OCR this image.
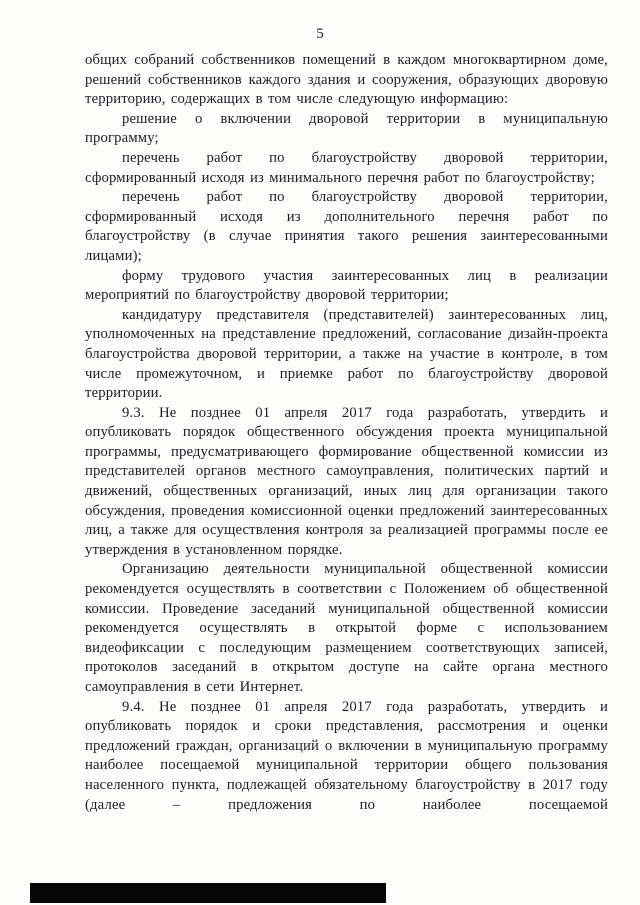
5

общих собраний собственников помещений в каждом многоквартирном доме, решений собственников каждого здания и сооружения, образующих дворовую территорию, содержащих в том числе следующую информацию:

решение о включении дворовой территории в муниципальную программу;

перечень работ по благоустройству дворовой территории, сформированный исходя из минимального перечня работ по благоустройству;

перечень работ по благоустройству дворовой территории, сформированный исходя из дополнительного перечня работ по благоустройству (в случае принятия такого решения заинтересованными лицами);

форму трудового участия заинтересованных лиц в реализации мероприятий по благоустройству дворовой территории;

кандидатуру представителя (представителей) заинтересованных лиц, уполномоченных на представление предложений, согласование дизайн-проекта благоустройства дворовой территории, а также на участие в контроле, в том числе промежуточном, и приемке работ по благоустройству дворовой территории.

9.3. Не позднее 01 апреля 2017 года разработать, утвердить и опубликовать порядок общественного обсуждения проекта муниципальной программы, предусматривающего формирование общественной комиссии из представителей органов местного самоуправления, политических партий и движений, общественных организаций, иных лиц для организации такого обсуждения, проведения комиссионной оценки предложений заинтересованных лиц, а также для осуществления контроля за реализацией программы после ее утверждения в установленном порядке.

Организацию деятельности муниципальной общественной комиссии рекомендуется осуществлять в соответствии с Положением об общественной комиссии. Проведение заседаний муниципальной общественной комиссии рекомендуется осуществлять в открытой форме с использованием видеофиксации с последующим размещением соответствующих записей, протоколов заседаний в открытом доступе на сайте органа местного самоуправления в сети Интернет.

9.4. Не позднее 01 апреля 2017 года разработать, утвердить и опубликовать порядок и сроки представления, рассмотрения и оценки предложений граждан, организаций о включении в муниципальную программу наиболее посещаемой муниципальной территории общего пользования населенного пункта, подлежащей обязательному благоустройству в 2017 году (далее – предложения по наиболее посещаемой
